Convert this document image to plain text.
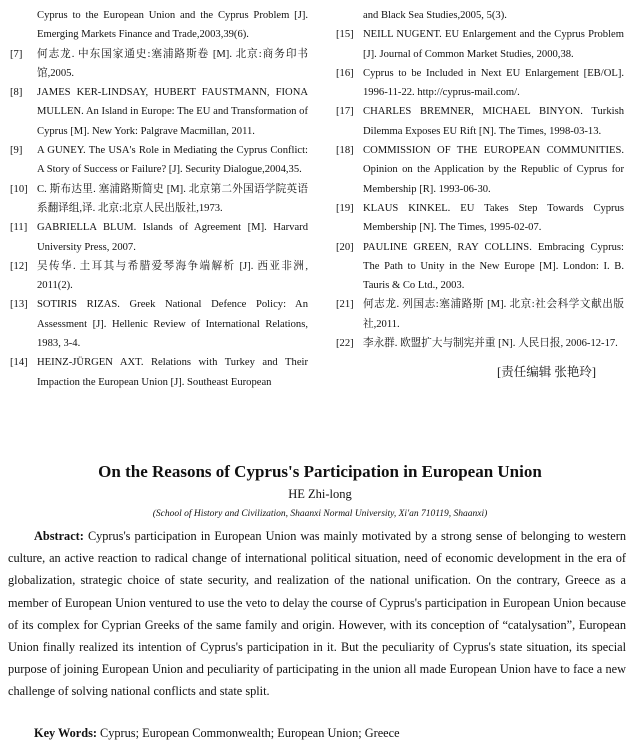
Cyprus to the European Union and the Cyprus Problem [J]. Emerging Markets Finance and Trade,2003,39(6).
[7]	何志龙. 中东国家通史:塞浦路斯卷 [M]. 北京:商务印书馆,2005.
[8]	JAMES KER-LINDSAY, HUBERT FAUSTMANN, FIONA MULLEN. An Island in Europe: The EU and Transformation of Cyprus [M]. New York: Palgrave Macmillan, 2011.
[9]	A GUNEY. The USA's Role in Mediating the Cyprus Conflict: A Story of Success or Failure? [J]. Security Dialogue,2004,35.
[10] C. 斯布达里. 塞浦路斯简史 [M]. 北京第二外国语学院英语系翻译组,译. 北京:北京人民出版社,1973.
[11] GABRIELLA BLUM. Islands of Agreement [M]. Harvard University Press, 2007.
[12] 吴传华. 土耳其与希腊爱琴海争端解析 [J]. 西亚非洲, 2011(2).
[13] SOTIRIS RIZAS. Greek National Defence Policy: An Assessment [J]. Hellenic Review of International Relations, 1983, 3-4.
[14] HEINZ-JÜRGEN AXT. Relations with Turkey and Their Impaction the European Union [J]. Southeast European
and Black Sea Studies,2005, 5(3).
[15] NEILL NUGENT. EU Enlargement and the Cyprus Problem [J]. Journal of Common Market Studies, 2000,38.
[16] Cyprus to be Included in Next EU Enlargement [EB/OL]. 1996-11-22. http://cyprus-mail.com/.
[17] CHARLES BREMNER, MICHAEL BINYON. Turkish Dilemma Exposes EU Rift [N]. The Times, 1998-03-13.
[18] COMMISSION OF THE EUROPEAN COMMUNITIES. Opinion on the Application by the Republic of Cyprus for Membership [R]. 1993-06-30.
[19] KLAUS KINKEL. EU Takes Step Towards Cyprus Membership [N]. The Times, 1995-02-07.
[20] PAULINE GREEN, RAY COLLINS. Embracing Cyprus: The Path to Unity in the New Europe [M]. London: I. B. Tauris & Co Ltd., 2003.
[21] 何志龙. 列国志:塞浦路斯 [M]. 北京:社会科学文献出版社,2011.
[22] 李永群. 欧盟扩大与制宪并重 [N]. 人民日报, 2006-12-17.
[责任编辑 张艳玲]
On the Reasons of Cyprus's Participation in European Union
HE Zhi-long
(School of History and Civilization, Shaanxi Normal University, Xi'an 710119, Shaanxi)

Abstract: Cyprus's participation in European Union was mainly motivated by a strong sense of belonging to western culture, an active reaction to radical change of international political situation, need of economic development in the era of globalization, strategic choice of state security, and realization of the national unification. On the contrary, Greece as a member of European Union ventured to use the veto to delay the course of Cyprus's participation in European Union because of its complex for Cyprian Greeks of the same family and origin. However, with its conception of “catalysation”, European Union finally realized its intention of Cyprus's participation in it. But the peculiarity of Cyprus's state situation, its special purpose of joining European Union and peculiarity of participating in the union all made European Union have to face a new challenge of solving national conflicts and state split.

Key Words: Cyprus; European Commonwealth; European Union; Greece
